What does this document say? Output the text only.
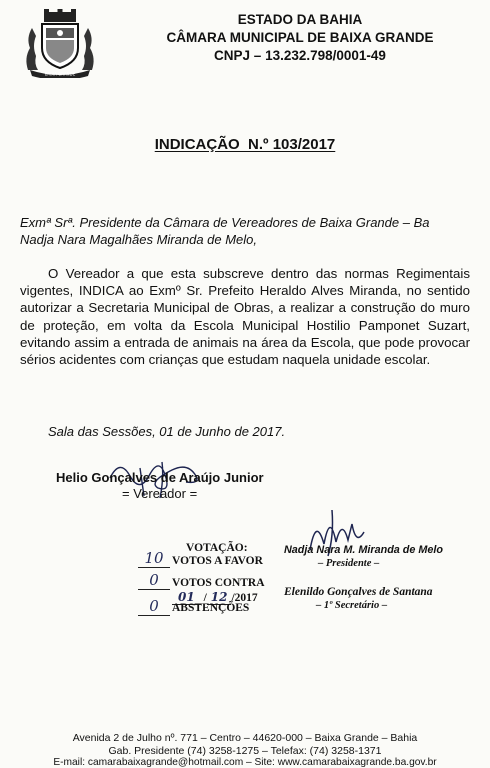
BAIXA GRANDE
ESTADO DA BAHIA
CÂMARA MUNICIPAL DE BAIXA GRANDE
CNPJ – 13.232.798/0001-49
INDICAÇÃO  N.º 103/2017
Exmª Srª. Presidente da Câmara de Vereadores de Baixa Grande – Ba
Nadja Nara Magalhães Miranda de Melo,

O Vereador a que esta subscreve dentro das normas Regimentais vigentes, INDICA ao Exmº Sr. Prefeito Heraldo Alves Miranda, no sentido autorizar a Secretaria Municipal de Obras, a realizar a construção do muro de proteção, em volta da Escola Municipal Hostilio Pamponet Suzart, evitando assim a entrada de animais na área da Escola, que pode provocar sérios acidentes com crianças que estudam naquela unidade escolar.

Sala das Sessões, 01 de Junho de 2017.
Helio Gonçalves de Araújo Junior
= Vereador =
VOTAÇÃO:
10 VOTOS A FAVOR
0	VOTOS CONTRA
01 / 12 /2017
0	ABSTENÇÕES
Nadja Nara M. Miranda de Melo
– Presidente –
Elenildo Gonçalves de Santana
– 1º Secretário –
Avenida 2 de Julho nº. 771 – Centro – 44620-000 – Baixa Grande – Bahia
Gab. Presidente (74) 3258-1275 – Telefax: (74) 3258-1371
E-mail: camarabaixagrande@hotmail.com – Site: www.camarabaixagrande.ba.gov.br
